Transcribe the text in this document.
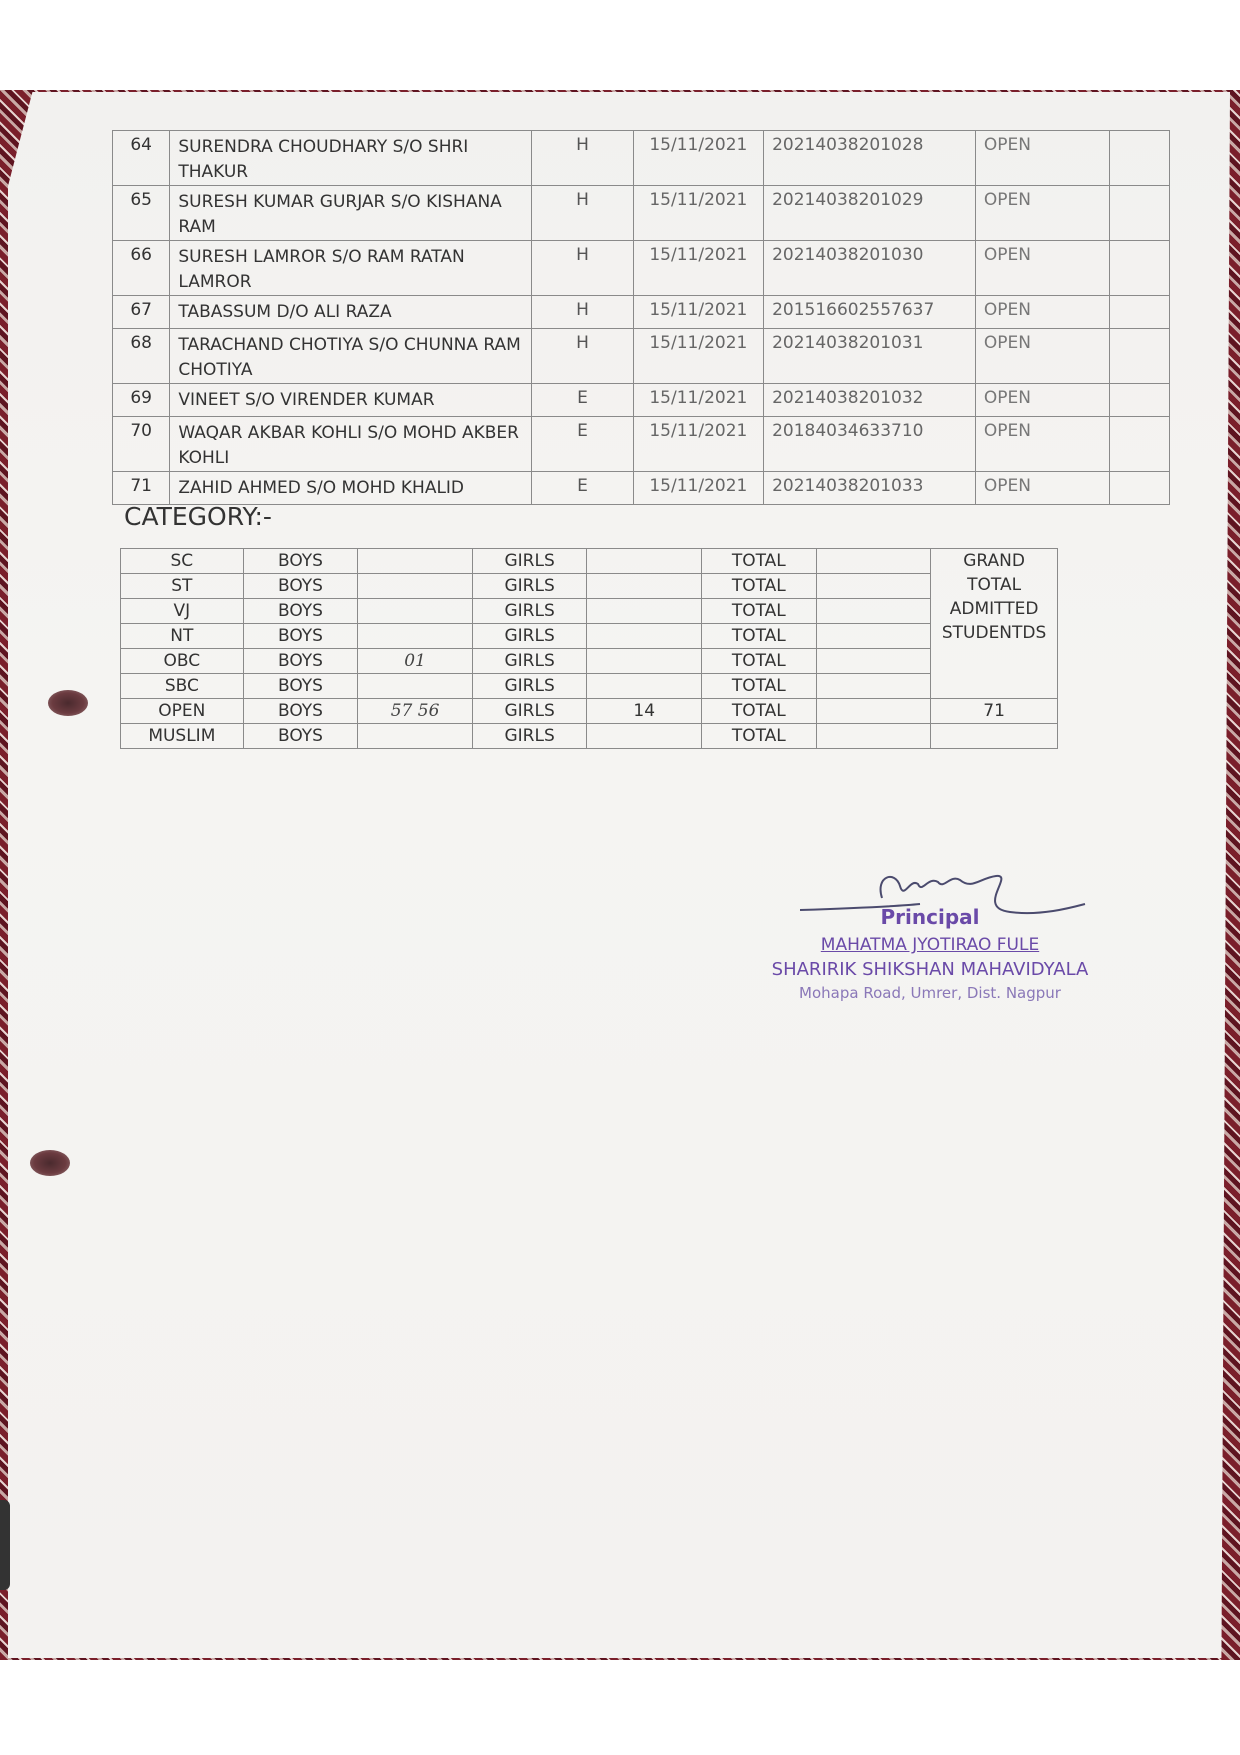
64	SURENDRA CHOUDHARY S/O SHRI THAKUR	H	15/11/2021	20214038201028	OPEN	
65	SURESH KUMAR GURJAR S/O KISHANA RAM	H	15/11/2021	20214038201029	OPEN	
66	SURESH LAMROR S/O RAM RATAN LAMROR	H	15/11/2021	20214038201030	OPEN	
67	TABASSUM D/O ALI RAZA	H	15/11/2021	201516602557637	OPEN	
68	TARACHAND CHOTIYA S/O CHUNNA RAM CHOTIYA	H	15/11/2021	20214038201031	OPEN	
69	VINEET S/O VIRENDER KUMAR	E	15/11/2021	20214038201032	OPEN	
70	WAQAR AKBAR KOHLI S/O MOHD AKBER KOHLI	E	15/11/2021	20184034633710	OPEN	
71	ZAHID AHMED S/O MOHD KHALID	E	15/11/2021	20214038201033	OPEN	
CATEGORY:-
SC	BOYS		GIRLS		TOTAL		GRAND TOTAL ADMITTED STUDENTDS
ST	BOYS		GIRLS		TOTAL		
VJ	BOYS		GIRLS		TOTAL		
NT	BOYS		GIRLS		TOTAL		
OBC	BOYS	01	GIRLS		TOTAL		
SBC	BOYS		GIRLS		TOTAL		
OPEN	BOYS	57 56	GIRLS	14	TOTAL		71
MUSLIM	BOYS		GIRLS		TOTAL		

Principal

MAHATMA JYOTIRAO FULE

SHARIRIK SHIKSHAN MAHAVIDYALA

Mohapa Road, Umrer, Dist. Nagpur
